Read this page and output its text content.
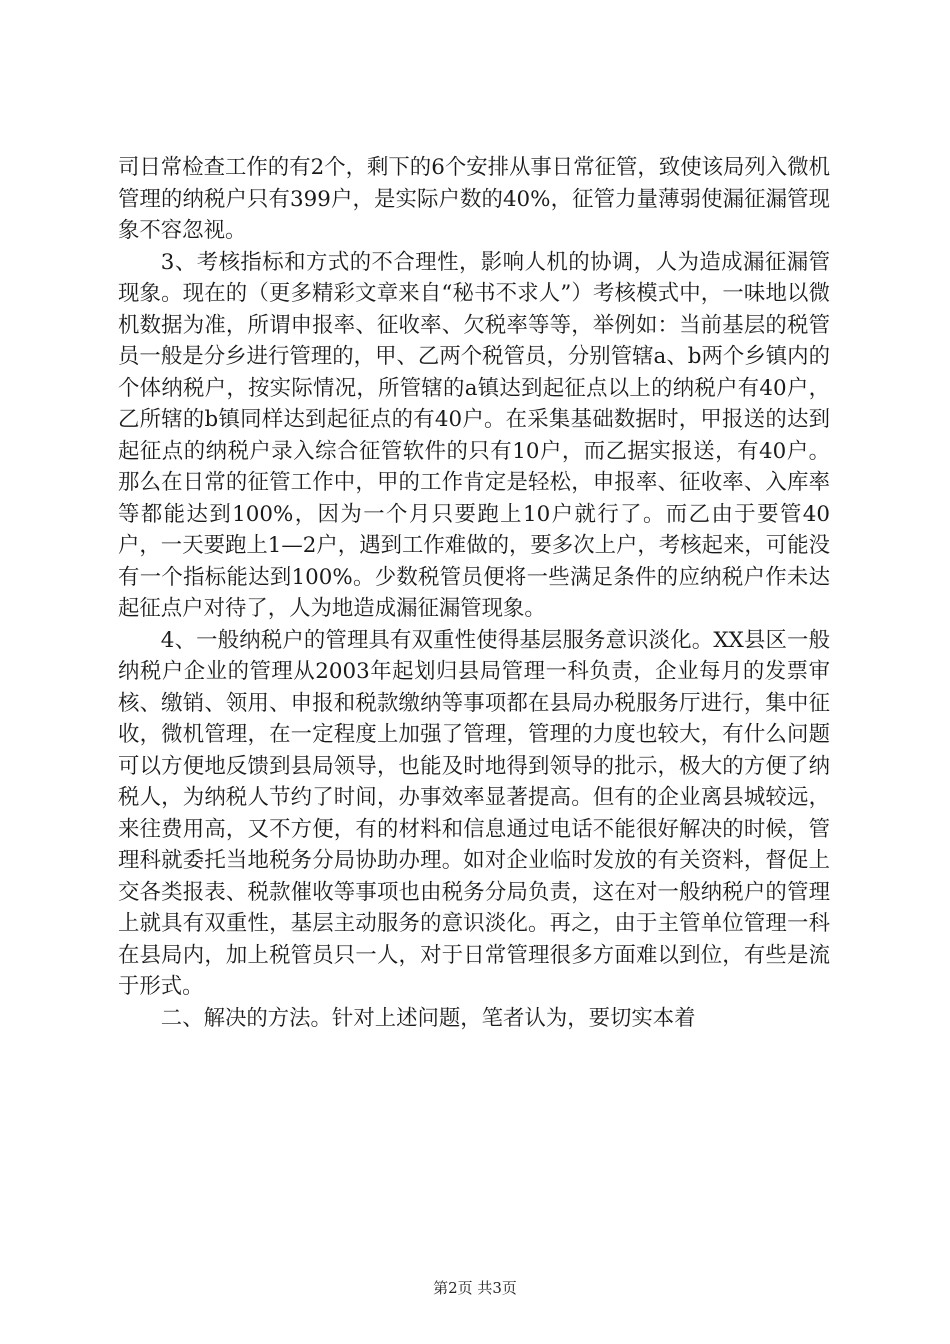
司日常检查工作的有2个，剩下的6个安排从事日常征管，致使该局列入微机管理的纳税户只有399户，是实际户数的40%，征管力量薄弱使漏征漏管现象不容忽视。

3、考核指标和方式的不合理性，影响人机的协调，人为造成漏征漏管现象。现在的（更多精彩文章来自“秘书不求人”）考核模式中，一味地以微机数据为准，所谓申报率、征收率、欠税率等等，举例如：当前基层的税管员一般是分乡进行管理的，甲、乙两个税管员，分别管辖a、b两个乡镇内的个体纳税户，按实际情况，所管辖的a镇达到起征点以上的纳税户有40户，乙所辖的b镇同样达到起征点的有40户。在采集基础数据时，甲报送的达到起征点的纳税户录入综合征管软件的只有10户，而乙据实报送，有40户。那么在日常的征管工作中，甲的工作肯定是轻松，申报率、征收率、入库率等都能达到100%，因为一个月只要跑上10户就行了。而乙由于要管40户，一天要跑上1—2户，遇到工作难做的，要多次上户，考核起来，可能没有一个指标能达到100%。少数税管员便将一些满足条件的应纳税户作未达起征点户对待了，人为地造成漏征漏管现象。

4、一般纳税户的管理具有双重性使得基层服务意识淡化。XX县区一般纳税户企业的管理从2003年起划归县局管理一科负责，企业每月的发票审核、缴销、领用、申报和税款缴纳等事项都在县局办税服务厅进行，集中征收，微机管理，在一定程度上加强了管理，管理的力度也较大，有什么问题可以方便地反馈到县局领导，也能及时地得到领导的批示，极大的方便了纳税人，为纳税人节约了时间，办事效率显著提高。但有的企业离县城较远，来往费用高，又不方便，有的材料和信息通过电话不能很好解决的时候，管理科就委托当地税务分局协助办理。如对企业临时发放的有关资料，督促上交各类报表、税款催收等事项也由税务分局负责，这在对一般纳税户的管理上就具有双重性，基层主动服务的意识淡化。再之，由于主管单位管理一科在县局内，加上税管员只一人，对于日常管理很多方面难以到位，有些是流于形式。

二、解决的方法。针对上述问题，笔者认为，要切实本着

第2页 共3页
